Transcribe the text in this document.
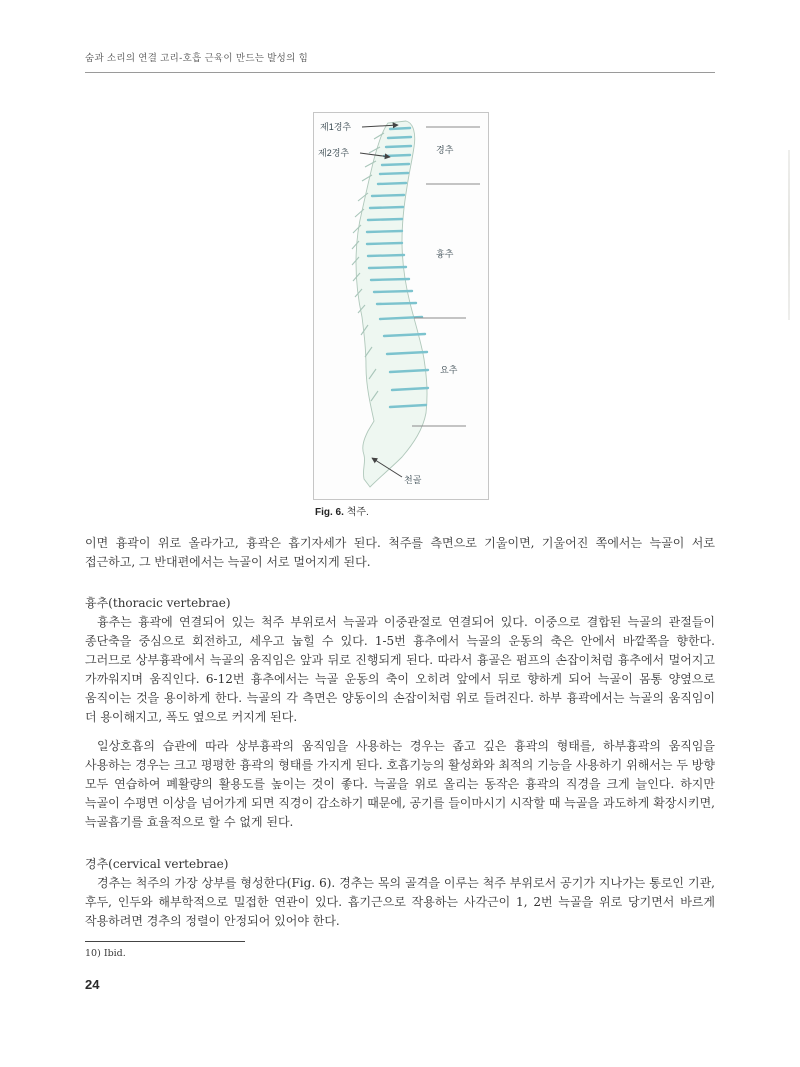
숨과 소리의 연결 고리-호흡 근육이 만드는 발성의 힘
제1경추
제2경추	경추
흉추
요추
천골
Fig. 6. 척주.
이면 흉곽이 위로 올라가고, 흉곽은 흡기자세가 된다. 척주를 측면으로 기울이면, 기울어진 쪽에서는 늑골이 서로 접근하고, 그 반대편에서는 늑골이 서로 멀어지게 된다.
흉추(thoracic vertebrae)
흉추는 흉곽에 연결되어 있는 척주 부위로서 늑골과 이중관절로 연결되어 있다. 이중으로 결합된 늑골의 관절들이 종단축을 중심으로 회전하고, 세우고 눕힐 수 있다. 1-5번 흉추에서 늑골의 운동의 축은 안에서 바깥쪽을 향한다. 그러므로 상부흉곽에서 늑골의 움직임은 앞과 뒤로 진행되게 된다. 따라서 흉골은 펌프의 손잡이처럼 흉추에서 멀어지고 가까워지며 움직인다. 6-12번 흉추에서는 늑골 운동의 축이 오히려 앞에서 뒤로 향하게 되어 늑골이 몸통 양옆으로 움직이는 것을 용이하게 한다. 늑골의 각 측면은 양동이의 손잡이처럼 위로 들려진다. 하부 흉곽에서는 늑골의 움직임이 더 용이해지고, 폭도 옆으로 커지게 된다.
일상호흡의 습관에 따라 상부흉곽의 움직임을 사용하는 경우는 좁고 깊은 흉곽의 형태를, 하부흉곽의 움직임을 사용하는 경우는 크고 평평한 흉곽의 형태를 가지게 된다. 호흡기능의 활성화와 최적의 기능을 사용하기 위해서는 두 방향 모두 연습하여 폐활량의 활용도를 높이는 것이 좋다. 늑골을 위로 올리는 동작은 흉곽의 직경을 크게 늘인다. 하지만 늑골이 수평면 이상을 넘어가게 되면 직경이 감소하기 때문에, 공기를 들이마시기 시작할 때 늑골을 과도하게 확장시키면, 늑골흡기를 효율적으로 할 수 없게 된다.
경추(cervical vertebrae)
경추는 척주의 가장 상부를 형성한다(Fig. 6). 경추는 목의 골격을 이루는 척주 부위로서 공기가 지나가는 통로인 기관, 후두, 인두와 해부학적으로 밀접한 연관이 있다. 흡기근으로 작용하는 사각근이 1, 2번 늑골을 위로 당기면서 바르게 작용하려면 경추의 정렬이 안정되어 있어야 한다.
10) Ibid.
24
